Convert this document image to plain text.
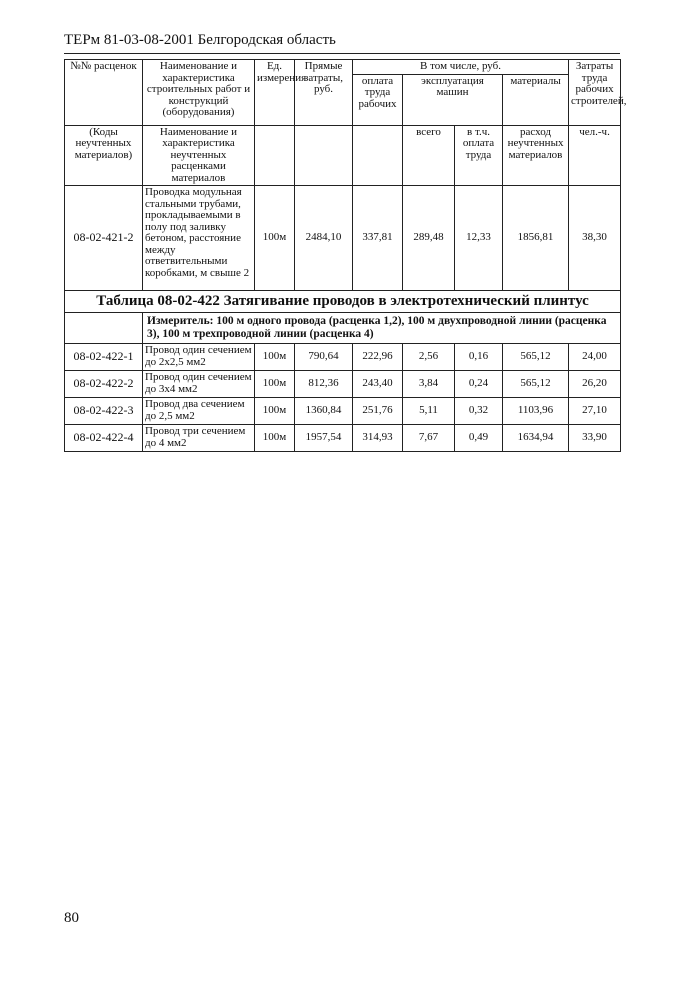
ТЕРм 81-03-08-2001 Белгородская область
№№ расценок	Наименование и характеристика строительных работ и конструкций (оборудования)	Ед. измерения	Прямые затраты, руб.	В том числе, руб.				Затраты труда рабочих строителей,
				оплата труда рабочих	эксплуатация машин		материалы	
(Коды неучтенных материалов)	Наименование и характеристика неучтенных расценками материалов				всего	в т.ч. оплата труда	расход неучтенных материалов	чел.-ч.
08-02-421-2	Проводка модульная стальными трубами, прокладываемыми в полу под заливку бетоном, расстояние между ответвительными коробками, м свыше 2	100м	2484,10	337,81	289,48	12,33	1856,81	38,30
Таблица 08-02-422 Затягивание проводов в электротехнический плинтус								
	Измеритель: 100 м одного провода (расценка 1,2), 100 м двухпроводной линии (расценка 3), 100 м трехпроводной линии (расценка 4)							
08-02-422-1	Провод один сечением до 2х2,5 мм2	100м	790,64	222,96	2,56	0,16	565,12	24,00
08-02-422-2	Провод один сечением до 3х4 мм2	100м	812,36	243,40	3,84	0,24	565,12	26,20
08-02-422-3	Провод два сечением до 2,5 мм2	100м	1360,84	251,76	5,11	0,32	1103,96	27,10
08-02-422-4	Провод три сечением до 4 мм2	100м	1957,54	314,93	7,67	0,49	1634,94	33,90
80
